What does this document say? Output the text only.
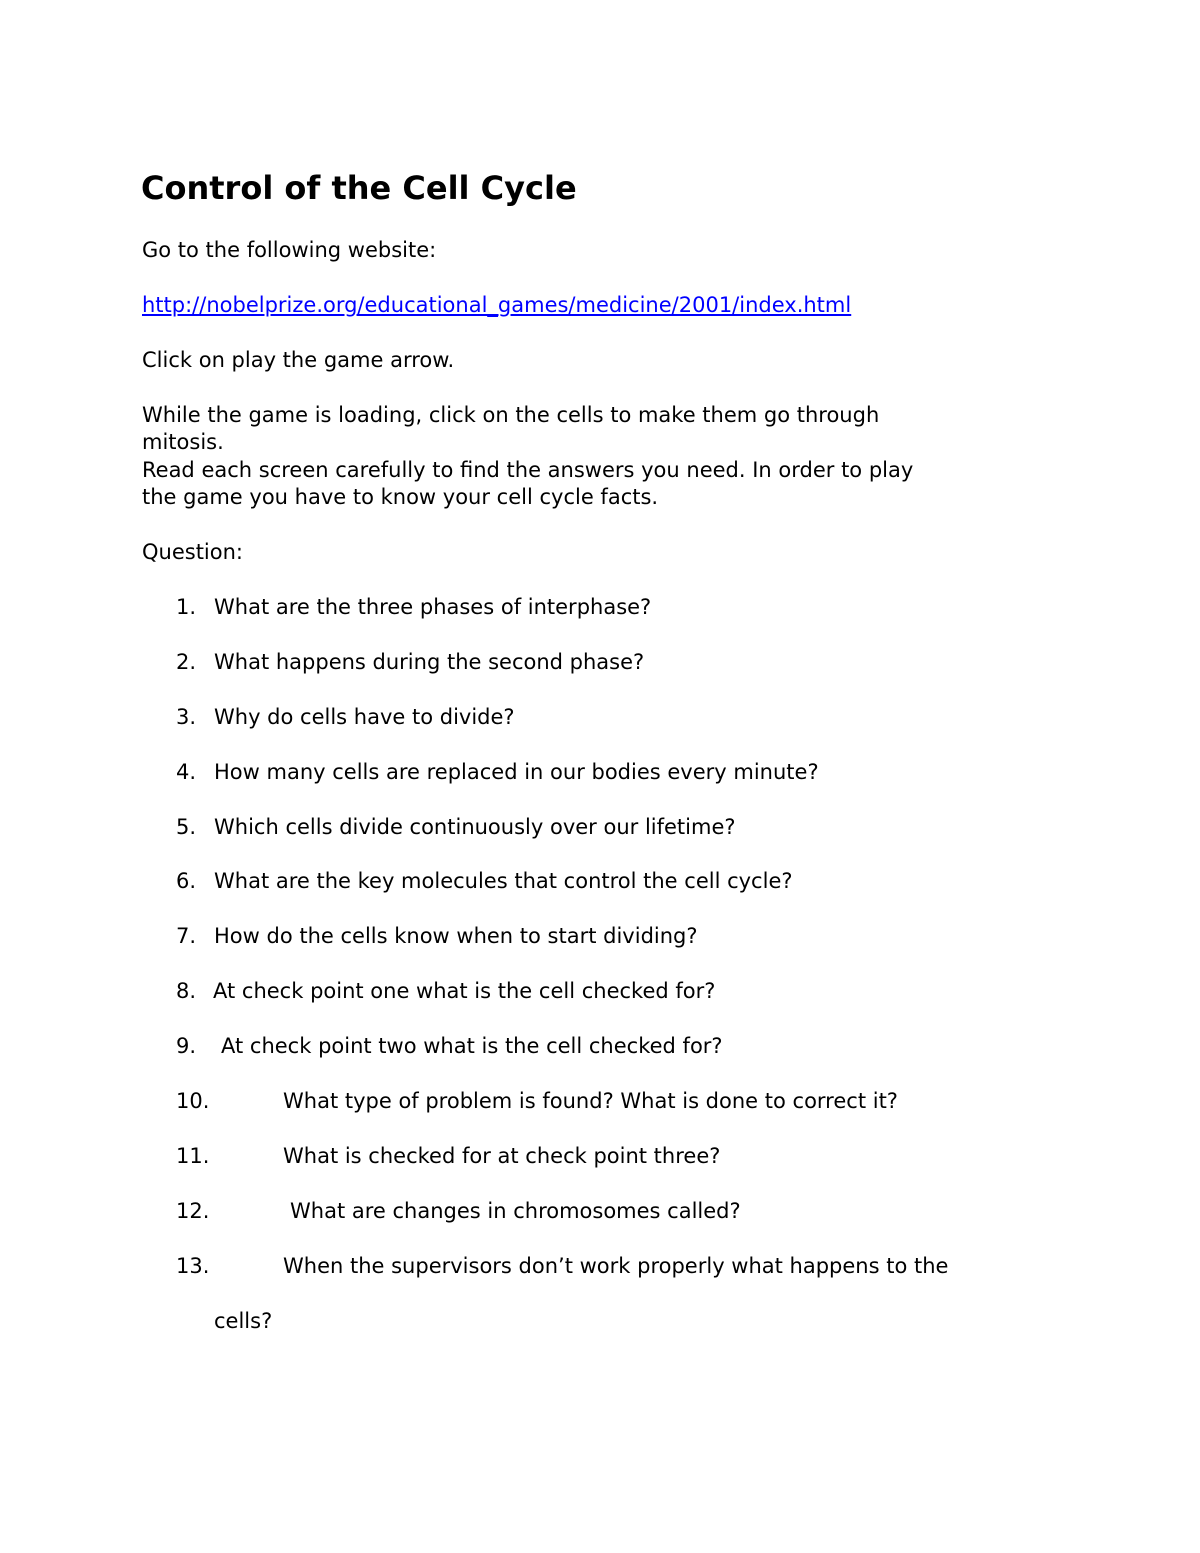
Control of the Cell Cycle
Go to the following website:
http://nobelprize.org/educational_games/medicine/2001/index.html
Click on play the game arrow.
While the game is loading, click on the cells to make them go through
mitosis.
Read each screen carefully to find the answers you need. In order to play
the game you have to know your cell cycle facts.
Question:
1. What are the three phases of interphase?
2. What happens during the second phase?
3. Why do cells have to divide?
4. How many cells are replaced in our bodies every minute?
5. Which cells divide continuously over our lifetime?
6. What are the key molecules that control the cell cycle?
7. How do the cells know when to start dividing?
8. At check point one what is the cell checked for?
9. At check point two what is the cell checked for?
10.	What type of problem is found? What is done to correct it?
11.	What is checked for at check point three?
12.	What are changes in chromosomes called?
13.	When the supervisors don’t work properly what happens to the
cells?
